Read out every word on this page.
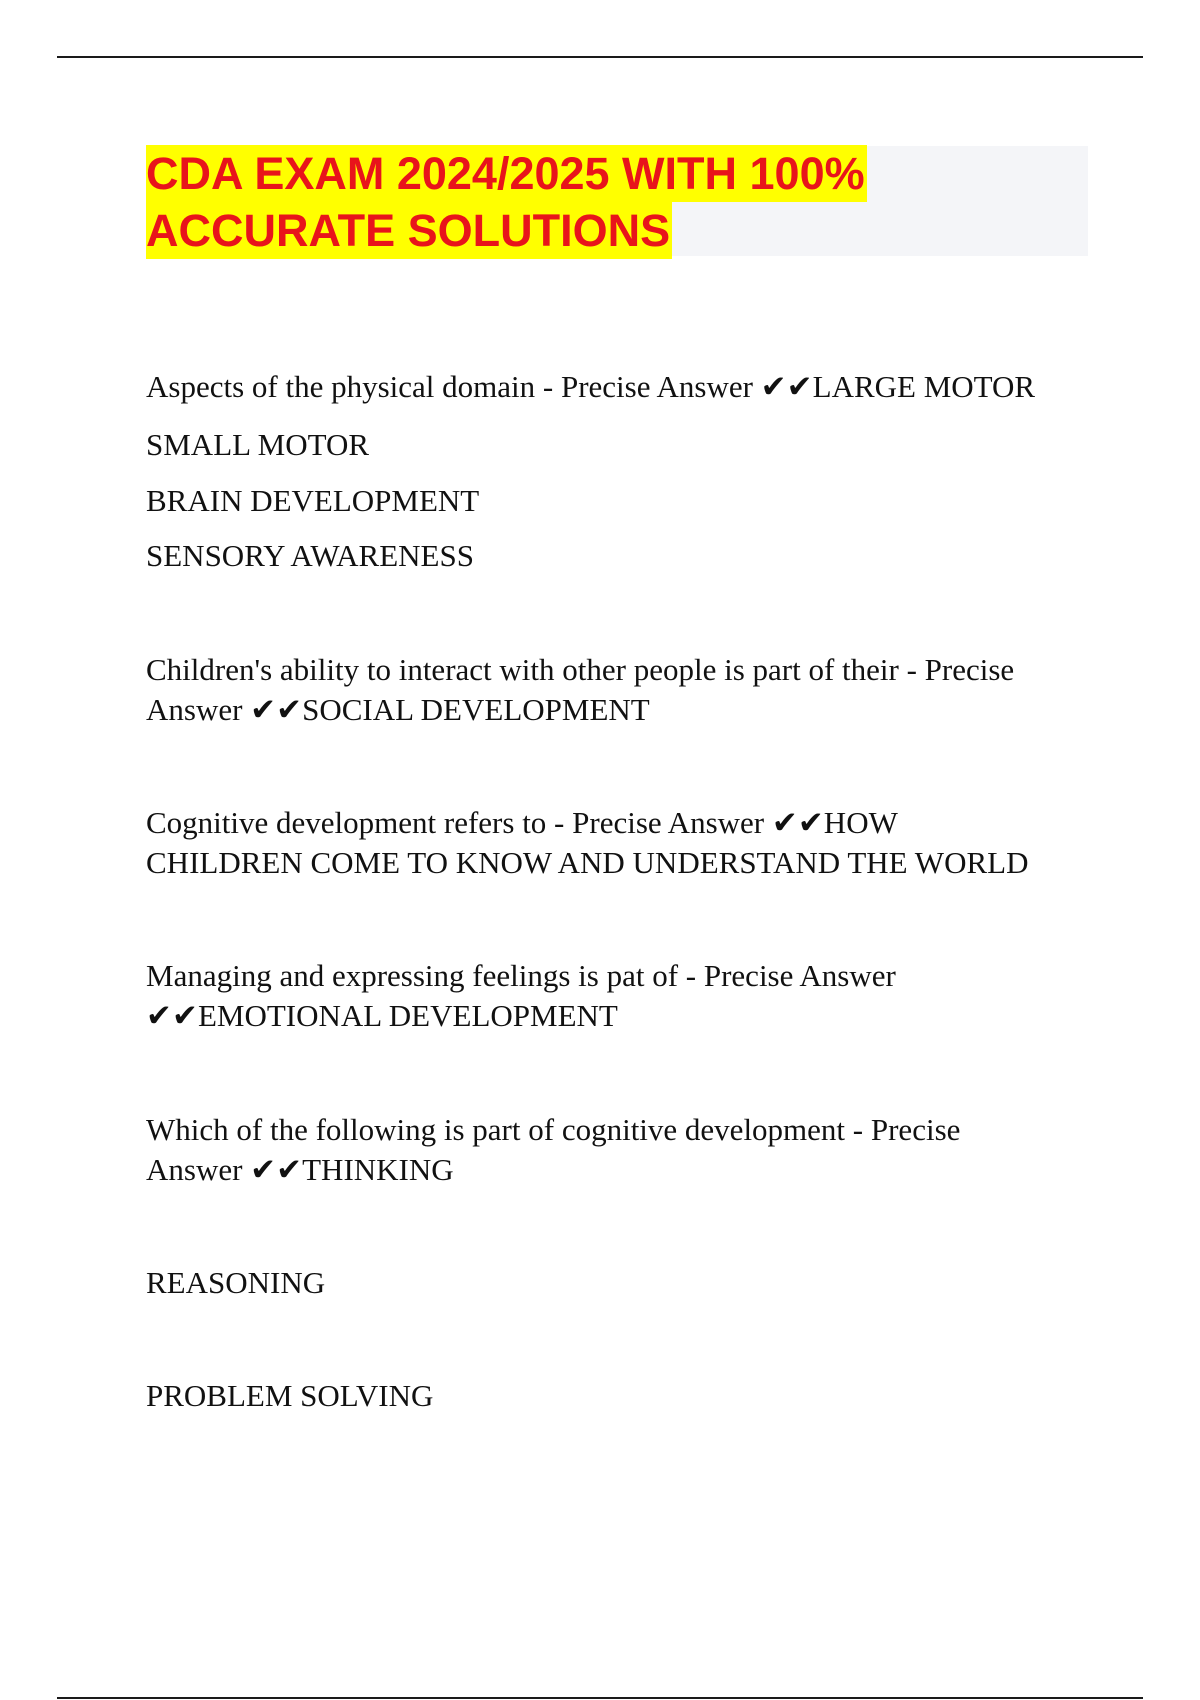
CDA EXAM 2024/2025 WITH 100%
ACCURATE SOLUTIONS
Aspects of the physical domain - Precise Answer ✔✔LARGE MOTOR
SMALL MOTOR
BRAIN DEVELOPMENT
SENSORY AWARENESS
Children's ability to interact with other people is part of their - Precise
Answer ✔✔SOCIAL DEVELOPMENT
Cognitive development refers to - Precise Answer ✔✔HOW
CHILDREN COME TO KNOW AND UNDERSTAND THE WORLD
Managing and expressing feelings is pat of - Precise Answer
✔✔EMOTIONAL DEVELOPMENT
Which of the following is part of cognitive development - Precise
Answer ✔✔THINKING
REASONING
PROBLEM SOLVING
